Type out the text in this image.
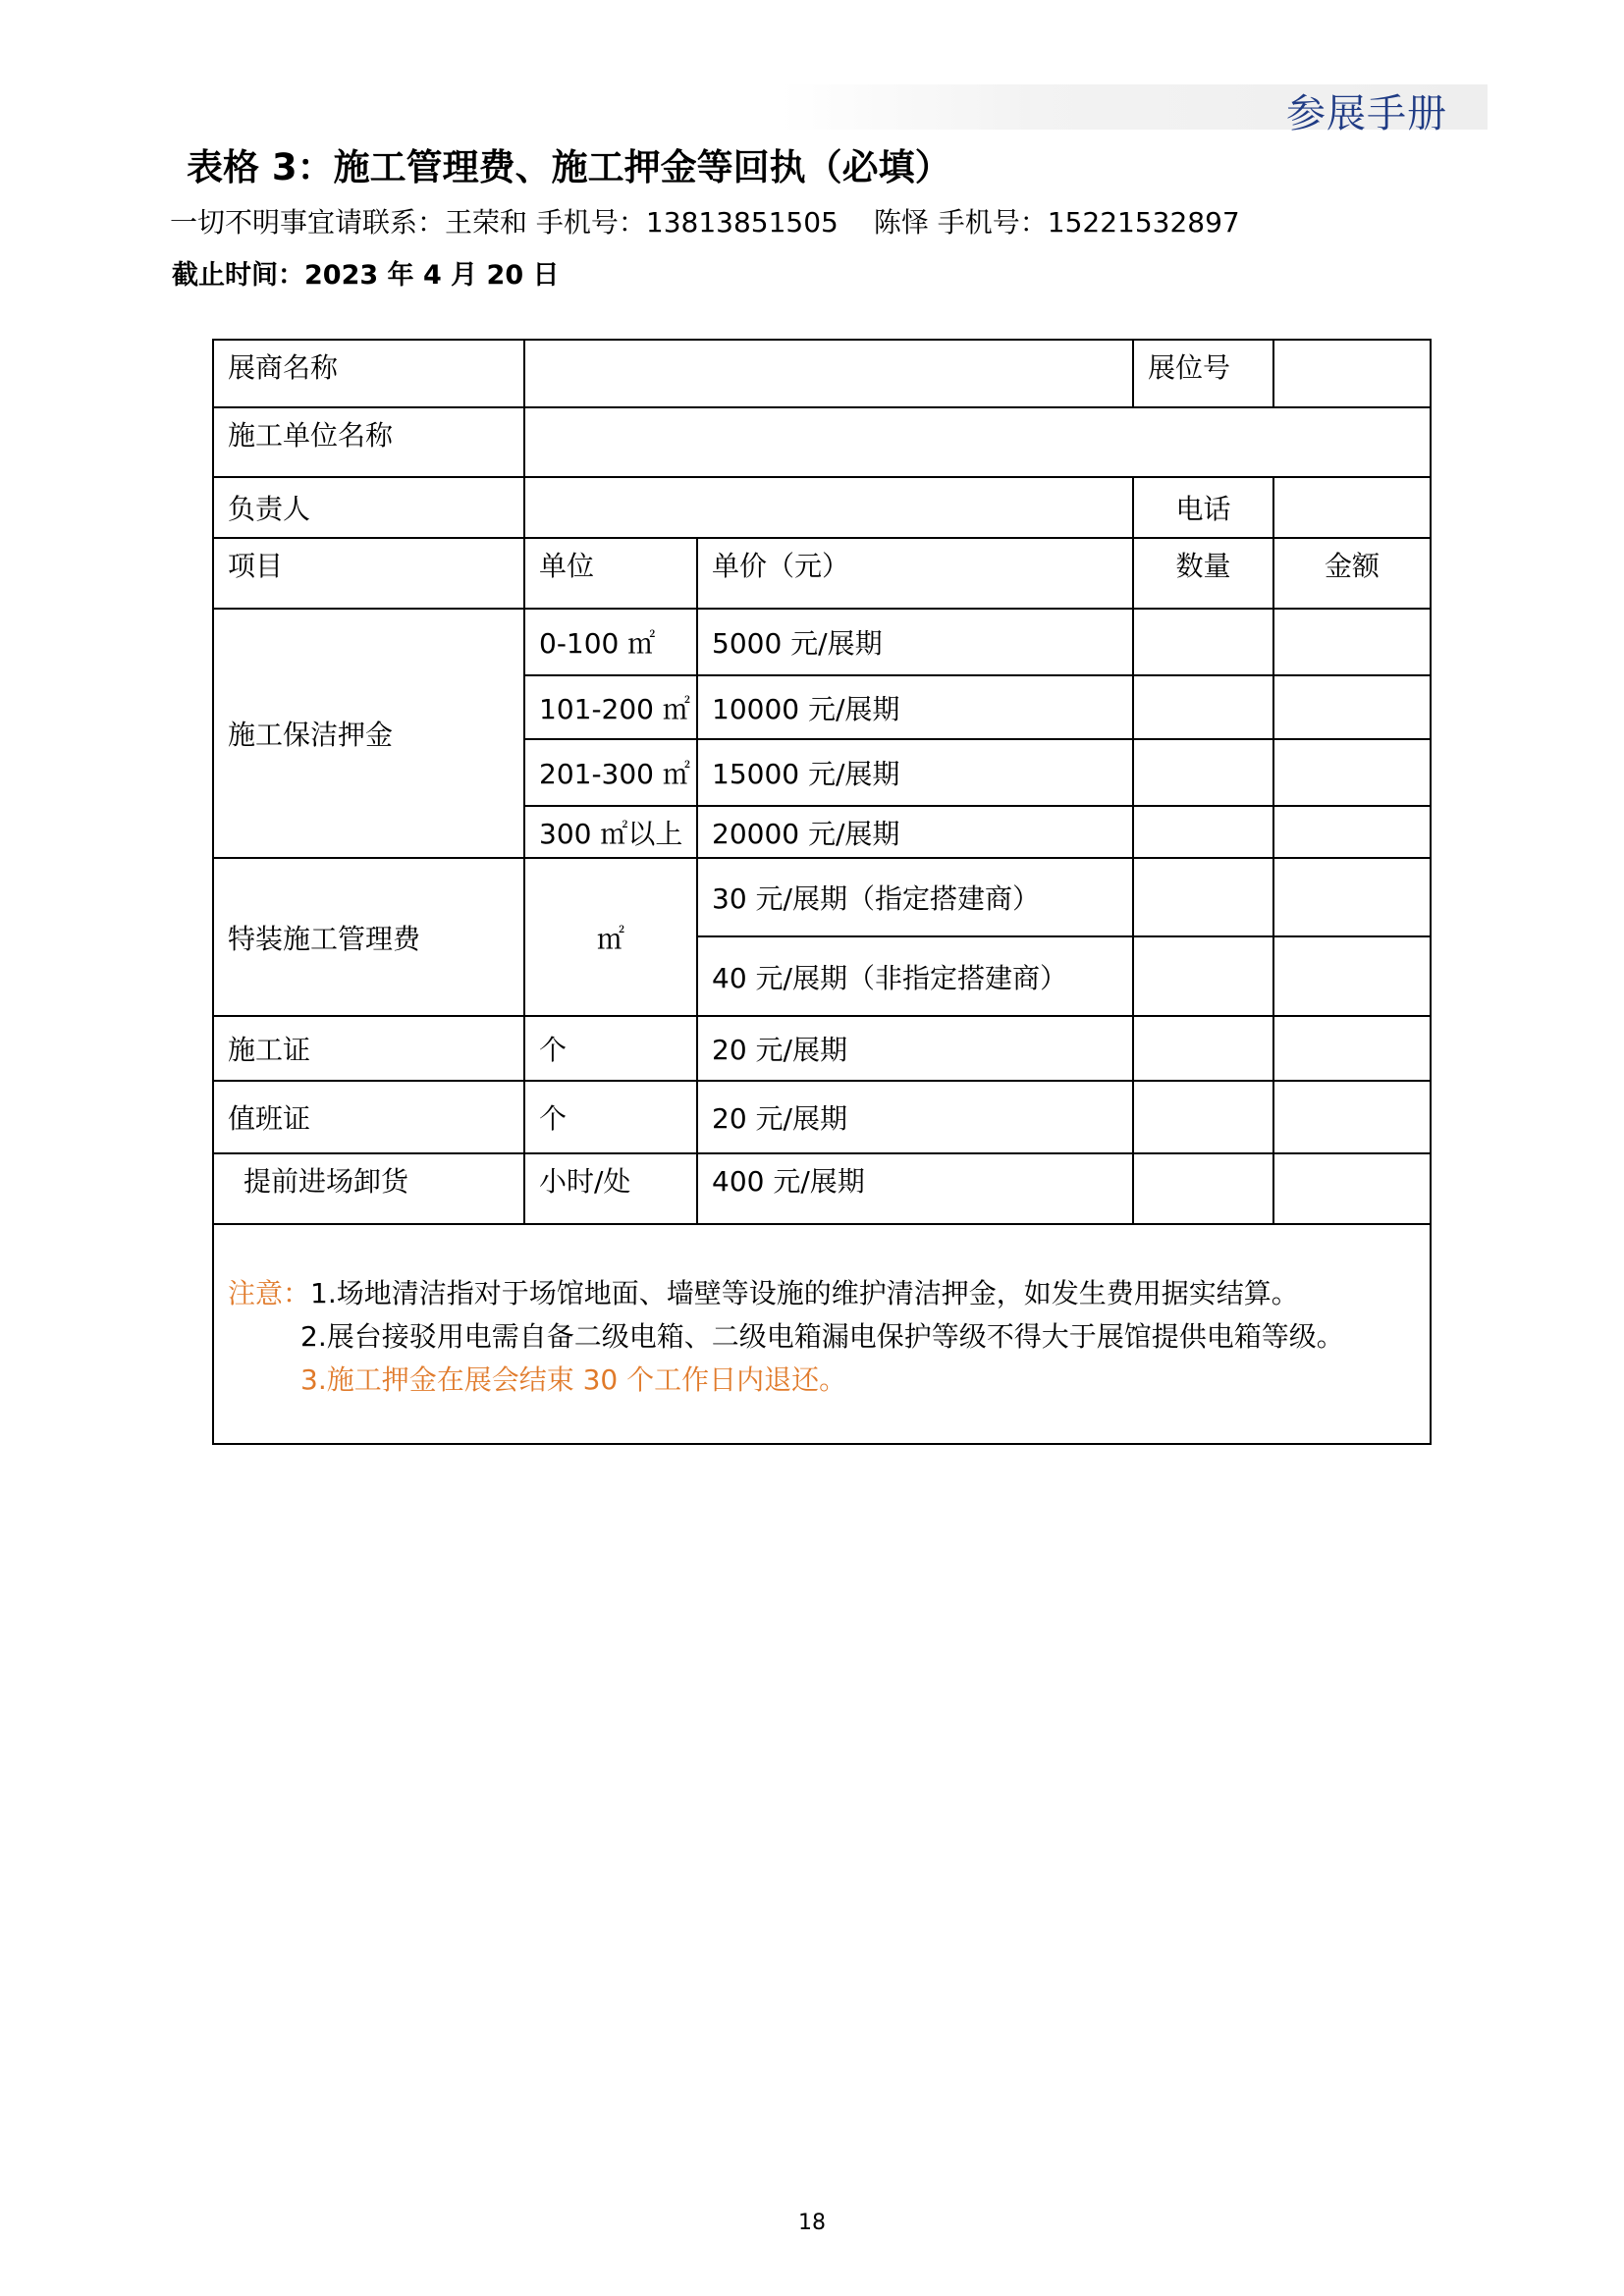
参展手册
表格 3：施工管理费、施工押金等回执（必填）
一切不明事宜请联系：王荣和 手机号：13813851505 陈怿 手机号：15221532897
截止时间：2023 年 4 月 20 日
展商名称			展位号	
施工单位名称				
负责人			电话	
项目	单位	单价（元）	数量	金额
施工保洁押金	0-100 ㎡	5000 元/展期		
	101-200 ㎡	10000 元/展期		
	201-300 ㎡	15000 元/展期		
	300 ㎡以上	20000 元/展期		
特装施工管理费	㎡	30 元/展期（指定搭建商）		
		40 元/展期（非指定搭建商）		
施工证	个	20 元/展期		
值班证	个	20 元/展期		
提前进场卸货	小时/处	400 元/展期		

注意：1.场地清洁指对于场馆地面、墙壁等设施的维护清洁押金，如发生费用据实结算。
2.展台接驳用电需自备二级电箱、二级电箱漏电保护等级不得大于展馆提供电箱等级。
3.施工押金在展会结束 30 个工作日内退还。				
18
